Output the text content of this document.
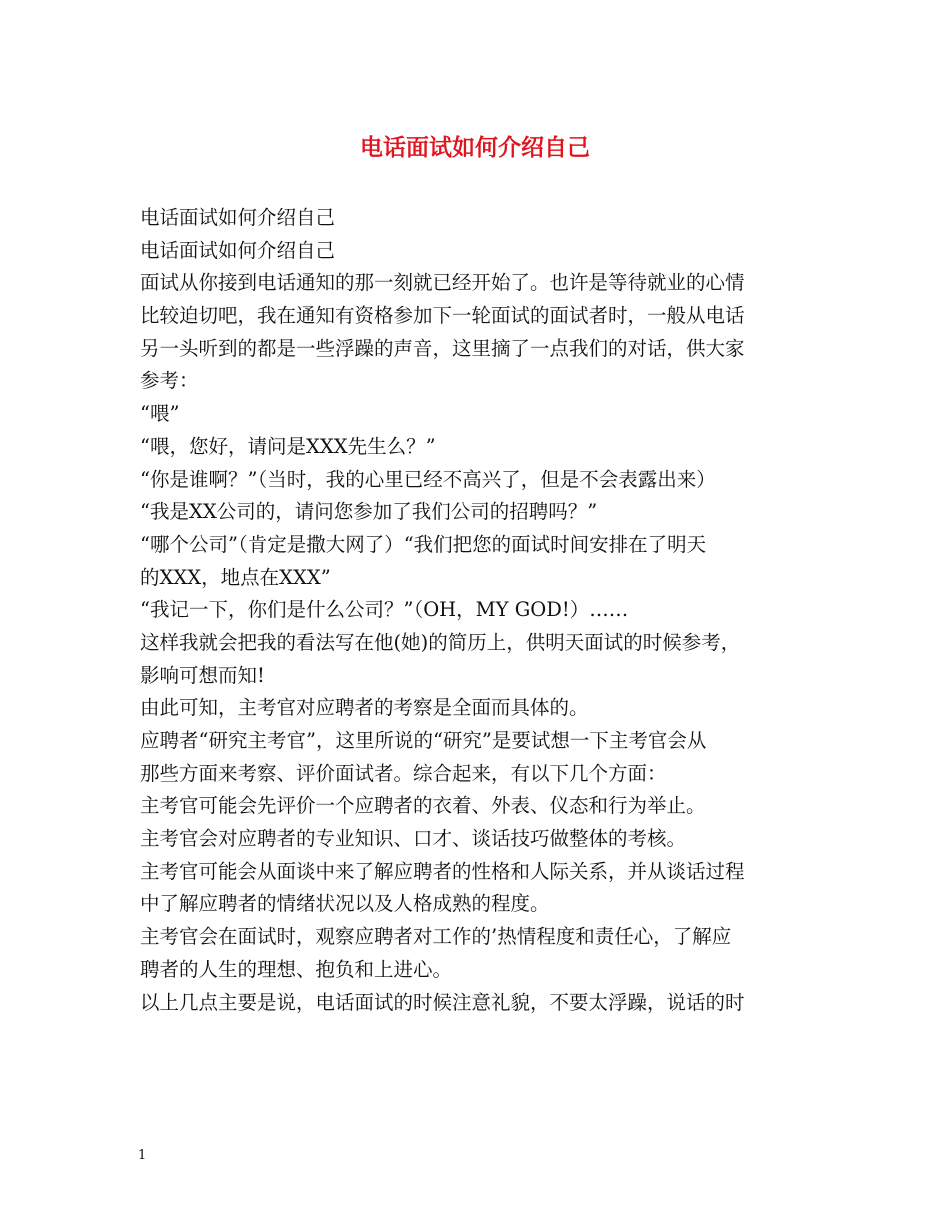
电话面试如何介绍自己
电话面试如何介绍自己
电话面试如何介绍自己
面试从你接到电话通知的那一刻就已经开始了。也许是等待就业的心情
比较迫切吧，我在通知有资格参加下一轮面试的面试者时，一般从电话
另一头听到的都是一些浮躁的声音，这里摘了一点我们的对话，供大家
参考：
“喂”
“喂，您好，请问是XXX先生么？”
“你是谁啊？”（当时，我的心里已经不高兴了，但是不会表露出来）
“我是XX公司的，请问您参加了我们公司的招聘吗？”
“哪个公司”（肯定是撒大网了）“我们把您的面试时间安排在了明天
的XXX，地点在XXX”
“我记一下，你们是什么公司？”（OH，MY GOD!）……
这样我就会把我的看法写在他(她)的简历上，供明天面试的时候参考，
影响可想而知!
由此可知，主考官对应聘者的考察是全面而具体的。
应聘者“研究主考官”，这里所说的“研究”是要试想一下主考官会从
那些方面来考察、评价面试者。综合起来，有以下几个方面：
主考官可能会先评价一个应聘者的衣着、外表、仪态和行为举止。
主考官会对应聘者的专业知识、口才、谈话技巧做整体的考核。
主考官可能会从面谈中来了解应聘者的性格和人际关系，并从谈话过程
中了解应聘者的情绪状况以及人格成熟的程度。
主考官会在面试时，观察应聘者对工作的’热情程度和责任心，了解应
聘者的人生的理想、抱负和上进心。
以上几点主要是说，电话面试的时候注意礼貌，不要太浮躁，说话的时
1
